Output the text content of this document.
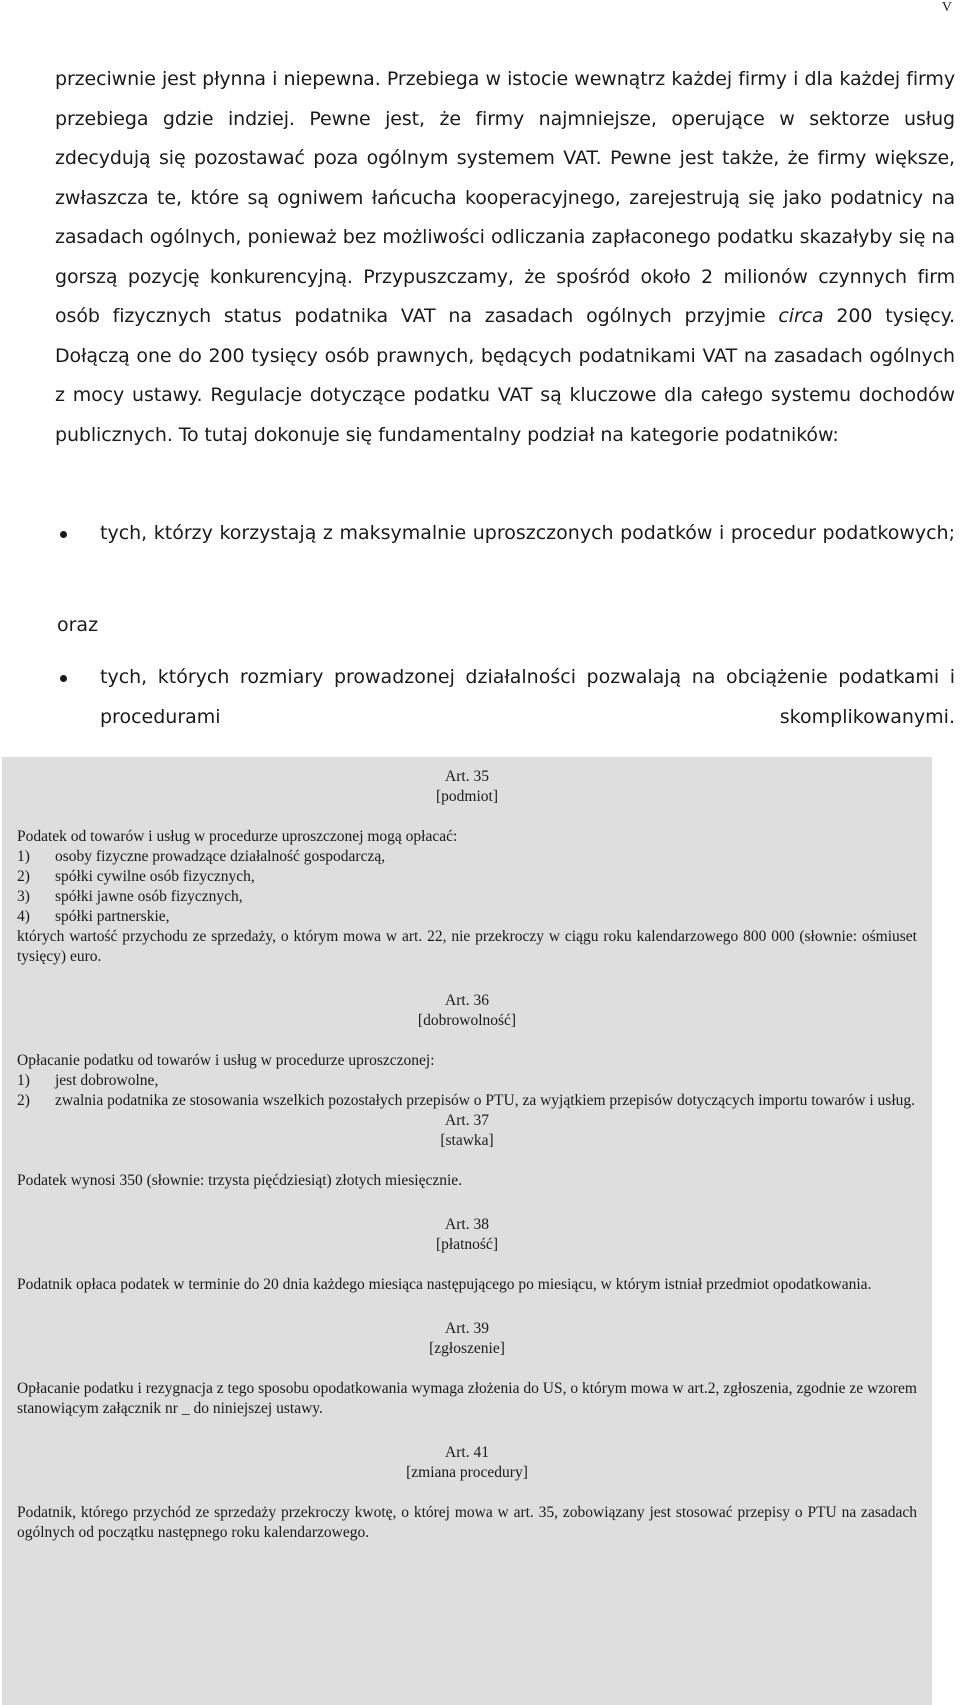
V

przeciwnie jest płynna i niepewna. Przebiega w istocie wewnątrz każdej firmy i dla każdej firmy przebiega gdzie indziej. Pewne jest, że firmy najmniejsze, operujące w sektorze usług zdecydują się pozostawać poza ogólnym systemem VAT. Pewne jest także, że firmy większe, zwłaszcza te, które są ogniwem łańcucha kooperacyjnego, zarejestrują się jako podatnicy na zasadach ogólnych, ponieważ bez możliwości odliczania zapłaconego podatku skazałyby się na gorszą pozycję konkurencyjną. Przypuszczamy, że spośród około 2 milionów czynnych firm osób fizycznych status podatnika VAT na zasadach ogólnych przyjmie circa 200 tysięcy. Dołączą one do 200 tysięcy osób prawnych, będących podatnikami VAT na zasadach ogólnych z mocy ustawy. Regulacje dotyczące podatku VAT są kluczowe dla całego systemu dochodów publicznych. To tutaj dokonuje się fundamentalny podział na kategorie podatników:

tych, którzy korzystają z maksymalnie uproszczonych podatków i procedur podatkowych;
oraz
tych, których rozmiary prowadzonej działalności pozwalają na obciążenie podatkami i procedurami skomplikowanymi.

Art. 35

[podmiot]

Podatek od towarów i usług w procedurze uproszczonej mogą opłacać:

1)	osoby fizyczne prowadzące działalność gospodarczą,
2)	spółki cywilne osób fizycznych,
3)	spółki jawne osób fizycznych,
4)	spółki partnerskie,

których wartość przychodu ze sprzedaży, o którym mowa w art. 22, nie przekroczy w ciągu roku kalendarzowego 800 000 (słownie: ośmiuset tysięcy) euro.

Art. 36

[dobrowolność]

Opłacanie podatku od towarów i usług w procedurze uproszczonej:

1)	jest dobrowolne,
2)	zwalnia podatnika ze stosowania wszelkich pozostałych przepisów o PTU, za wyjątkiem przepisów dotyczących importu towarów i usług.

Art. 37

[stawka]

Podatek wynosi 350 (słownie: trzysta pięćdziesiąt) złotych miesięcznie.

Art. 38

[płatność]

Podatnik opłaca podatek w terminie do 20 dnia każdego miesiąca następującego po miesiącu, w którym istniał przedmiot opodatkowania.

Art. 39

[zgłoszenie]

Opłacanie podatku i rezygnacja z tego sposobu opodatkowania wymaga złożenia do US, o którym mowa w art.2, zgłoszenia, zgodnie ze wzorem stanowiącym załącznik nr _ do niniejszej ustawy.

Art. 41

[zmiana procedury]

Podatnik, którego przychód ze sprzedaży przekroczy kwotę, o której mowa w art. 35, zobowiązany jest stosować przepisy o PTU na zasadach ogólnych od początku następnego roku kalendarzowego.
